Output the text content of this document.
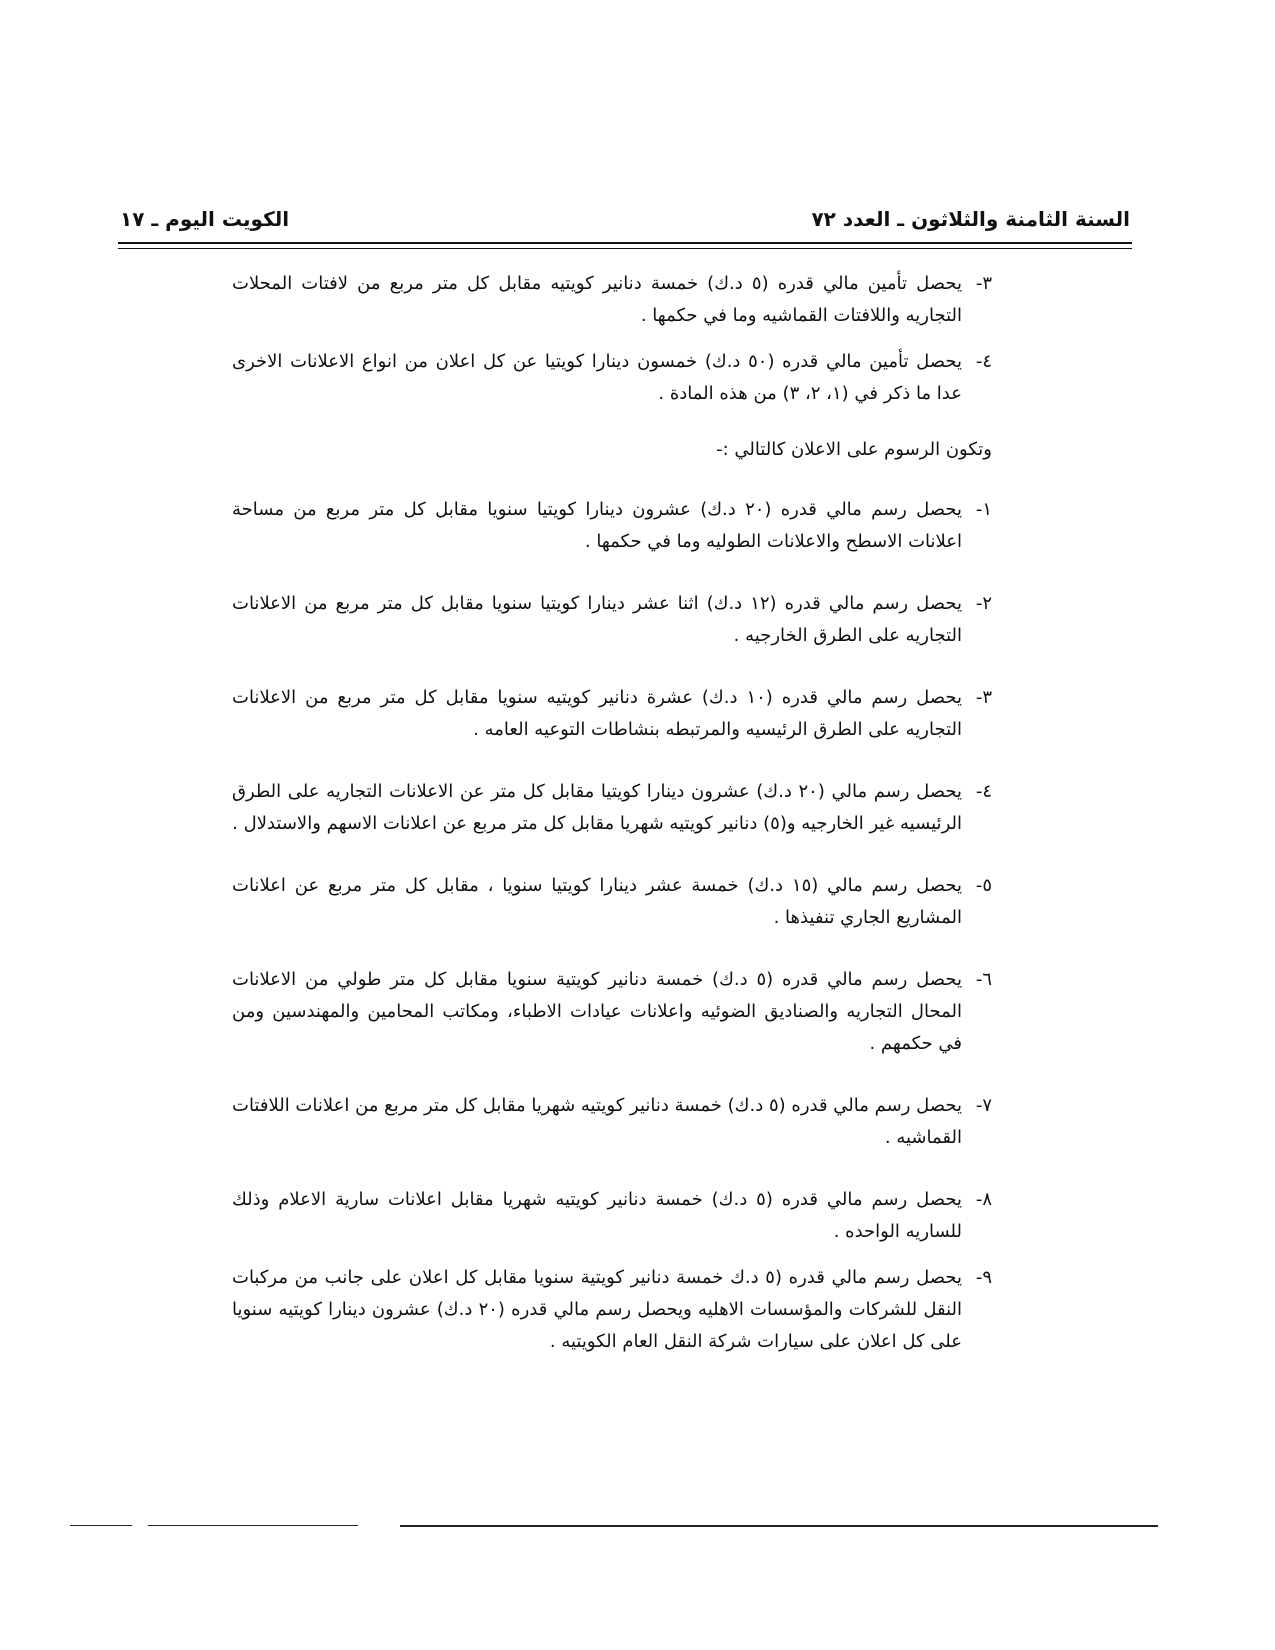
السنة الثامنة والثلاثون ـ العدد ٧٢
الكويت اليوم ـ ١٧
٣-
يحصل تأمين مالي قدره (٥ د.ك) خمسة دنانير كويتيه مقابل كل متر مربع من لافتات المحلات التجاريه واللافتات القماشيه وما في حكمها .
٤-
يحصل تأمين مالي قدره (٥٠ د.ك) خمسون دينارا كويتيا عن كل اعلان من انواع الاعلانات الاخرى عدا ما ذكر في (١، ٢، ٣) من هذه المادة .
وتكون الرسوم على الاعلان كالتالي :-
١-
يحصل رسم مالي قدره (٢٠ د.ك) عشرون دينارا كويتيا سنويا مقابل كل متر مربع من مساحة اعلانات الاسطح والاعلانات الطوليه وما في حكمها .
٢-
يحصل رسم مالي قدره (١٢ د.ك) اثنا عشر دينارا كويتيا سنويا مقابل كل متر مربع من الاعلانات التجاريه على الطرق الخارجيه .
٣-
يحصل رسم مالي قدره (١٠ د.ك) عشرة دنانير كويتيه سنويا مقابل كل متر مربع من الاعلانات التجاريه على الطرق الرئيسيه والمرتبطه بنشاطات التوعيه العامه .
٤-
يحصل رسم مالي (٢٠ د.ك) عشرون دينارا كويتيا مقابل كل متر عن الاعلانات التجاريه على الطرق الرئيسيه غير الخارجيه و(٥) دنانير كويتيه شهريا مقابل كل متر مربع عن اعلانات الاسهم والاستدلال .
٥-
يحصل رسم مالي (١٥ د.ك) خمسة عشر دينارا كويتيا سنويا ، مقابل كل متر مربع عن اعلانات المشاريع الجاري تنفيذها .
٦-
يحصل رسم مالي قدره (٥ د.ك) خمسة دنانير كويتية سنويا مقابل كل متر طولي من الاعلانات المحال التجاريه والصناديق الضوئيه واعلانات عيادات الاطباء، ومكاتب المحامين والمهندسين ومن في حكمهم .
٧-
يحصل رسم مالي قدره (٥ د.ك) خمسة دنانير كويتيه شهريا مقابل كل متر مربع من اعلانات اللافتات القماشيه .
٨-
يحصل رسم مالي قدره (٥ د.ك) خمسة دنانير كويتيه شهريا مقابل اعلانات سارية الاعلام وذلك للساريه الواحده .
٩-
يحصل رسم مالي قدره (٥ د.ك خمسة دنانير كويتية سنويا مقابل كل اعلان على جانب من مركبات النقل للشركات والمؤسسات الاهليه ويحصل رسم مالي قدره (٢٠ د.ك) عشرون دينارا كويتيه سنويا على كل اعلان على سيارات شركة النقل العام الكويتيه .
